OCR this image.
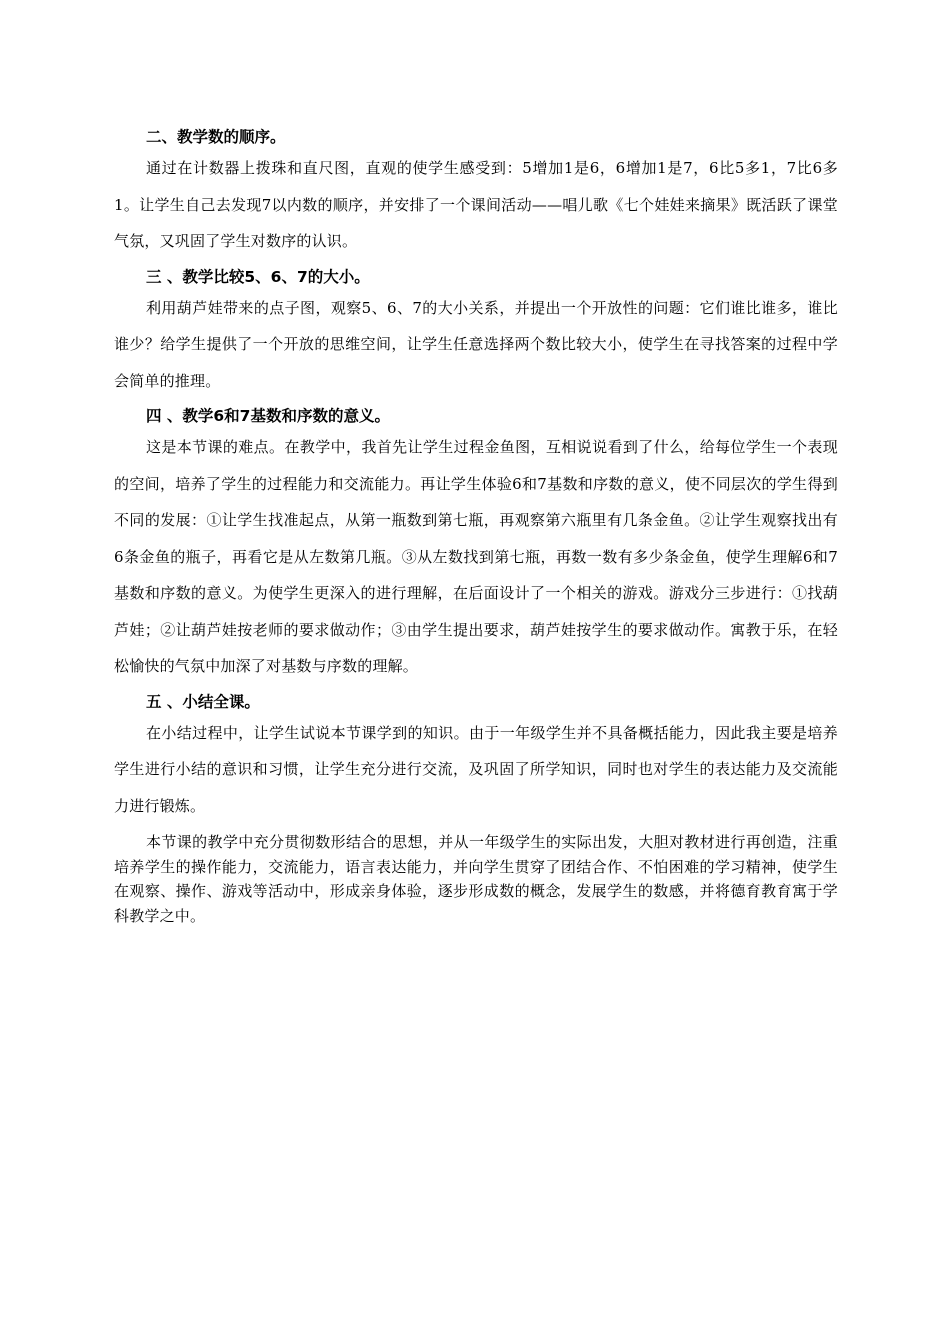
二、教学数的顺序。
通过在计数器上拨珠和直尺图，直观的使学生感受到：5增加1是6，6增加1是7，6比5多1，7比6多1。让学生自己去发现7以内数的顺序，并安排了一个课间活动——唱儿歌《七个娃娃来摘果》既活跃了课堂气氛，又巩固了学生对数序的认识。
三 、教学比较5、6、7的大小。
利用葫芦娃带来的点子图，观察5、6、7的大小关系，并提出一个开放性的问题：它们谁比谁多，谁比谁少？给学生提供了一个开放的思维空间，让学生任意选择两个数比较大小，使学生在寻找答案的过程中学会简单的推理。
四 、教学6和7基数和序数的意义。
这是本节课的难点。在教学中，我首先让学生过程金鱼图，互相说说看到了什么，给每位学生一个表现的空间，培养了学生的过程能力和交流能力。再让学生体验6和7基数和序数的意义，使不同层次的学生得到不同的发展：①让学生找准起点，从第一瓶数到第七瓶，再观察第六瓶里有几条金鱼。②让学生观察找出有6条金鱼的瓶子，再看它是从左数第几瓶。③从左数找到第七瓶，再数一数有多少条金鱼，使学生理解6和7基数和序数的意义。为使学生更深入的进行理解，在后面设计了一个相关的游戏。游戏分三步进行：①找葫芦娃；②让葫芦娃按老师的要求做动作；③由学生提出要求，葫芦娃按学生的要求做动作。寓教于乐，在轻松愉快的气氛中加深了对基数与序数的理解。
五 、小结全课。
在小结过程中，让学生试说本节课学到的知识。由于一年级学生并不具备概括能力，因此我主要是培养学生进行小结的意识和习惯，让学生充分进行交流，及巩固了所学知识，同时也对学生的表达能力及交流能力进行锻炼。
本节课的教学中充分贯彻数形结合的思想，并从一年级学生的实际出发，大胆对教材进行再创造，注重培养学生的操作能力，交流能力，语言表达能力，并向学生贯穿了团结合作、不怕困难的学习精神，使学生在观察、操作、游戏等活动中，形成亲身体验，逐步形成数的概念，发展学生的数感，并将德育教育寓于学科教学之中。
